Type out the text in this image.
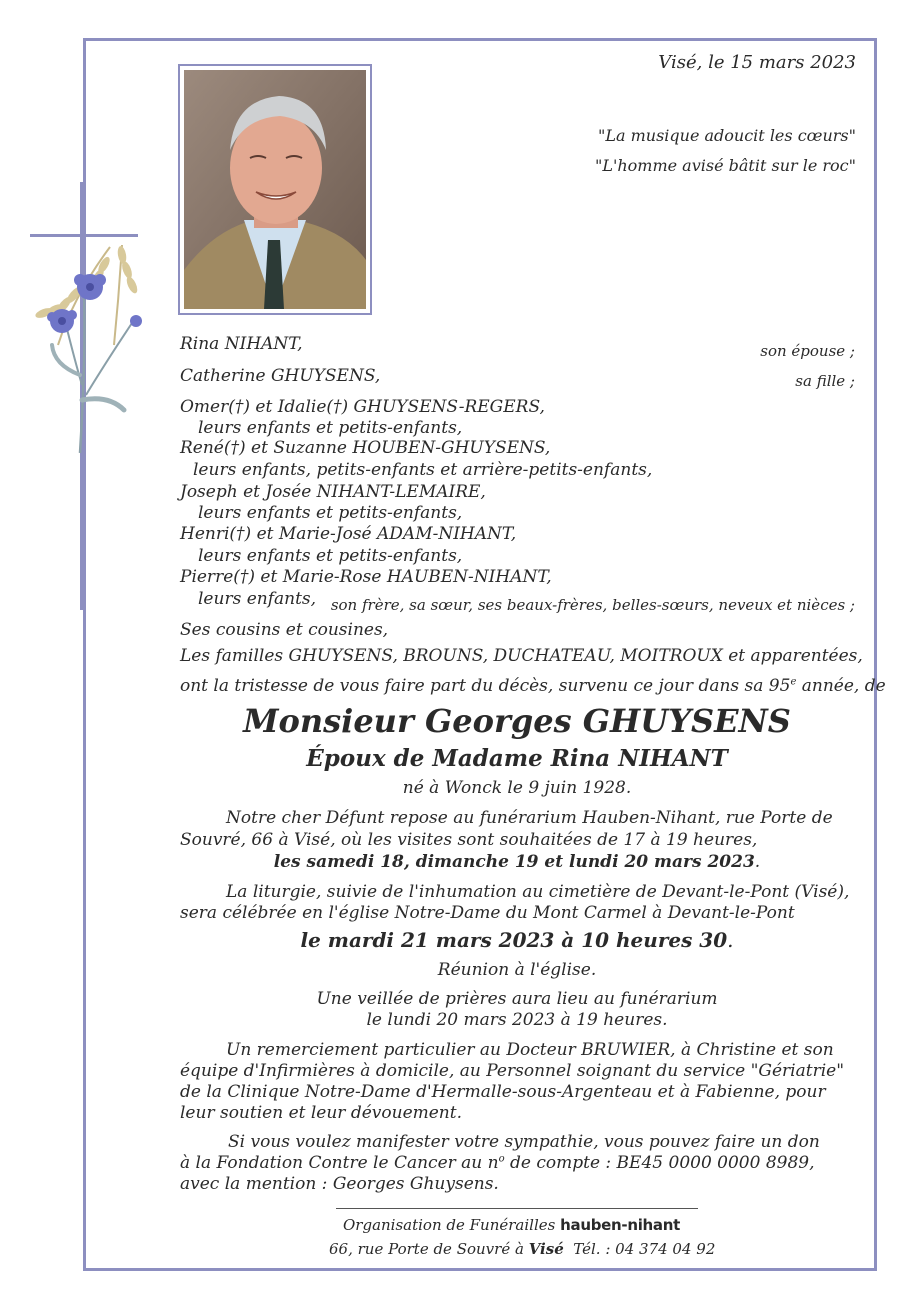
Visé, le 15 mars 2023
"La musique adoucit les cœurs"
"L'homme avisé bâtit sur le roc"
Rina NIHANT,	son épouse ;
Catherine GHUYSENS,	sa fille ;
Omer(†) et Idalie(†) GHUYSENS-REGERS,
leurs enfants et petits-enfants,
René(†) et Suzanne HOUBEN-GHUYSENS,
leurs enfants, petits-enfants et arrière-petits-enfants,
Joseph et Josée NIHANT-LEMAIRE,
leurs enfants et petits-enfants,
Henri(†) et Marie-José ADAM-NIHANT,
leurs enfants et petits-enfants,
Pierre(†) et Marie-Rose HAUBEN-NIHANT,
leurs enfants, son frère, sa sœur, ses beaux-frères, belles-sœurs, neveux et nièces ;
Ses cousins et cousines,
Les familles GHUYSENS, BROUNS, DUCHATEAU, MOITROUX et apparentées,
ont la tristesse de vous faire part du décès, survenu ce jour dans sa 95e année, de
Monsieur Georges GHUYSENS
Époux de Madame Rina NIHANT
né à Wonck le 9 juin 1928.
Notre cher Défunt repose au funérarium Hauben-Nihant, rue Porte de
Souvré, 66 à Visé, où les visites sont souhaitées de 17 à 19 heures,
les samedi 18, dimanche 19 et lundi 20 mars 2023.
La liturgie, suivie de l'inhumation au cimetière de Devant-le-Pont (Visé),
sera célébrée en l'église Notre-Dame du Mont Carmel à Devant-le-Pont
le mardi 21 mars 2023 à 10 heures 30.
Réunion à l'église.
Une veillée de prières aura lieu au funérarium
le lundi 20 mars 2023 à 19 heures.
Un remerciement particulier au Docteur BRUWIER, à Christine et son
équipe d'Infirmières à domicile, au Personnel soignant du service "Gériatrie"
de la Clinique Notre-Dame d'Hermalle-sous-Argenteau et à Fabienne, pour
leur soutien et leur dévouement.
Si vous voulez manifester votre sympathie, vous pouvez faire un don
à la Fondation Contre le Cancer au $n^o$ de compte : BE45 0000 0000 8989,
avec la mention : Georges Ghuysens.
Organisation de Funérailles hauben-nihant
66, rue Porte de Souvré à Visé Tél. : 04 374 04 92
